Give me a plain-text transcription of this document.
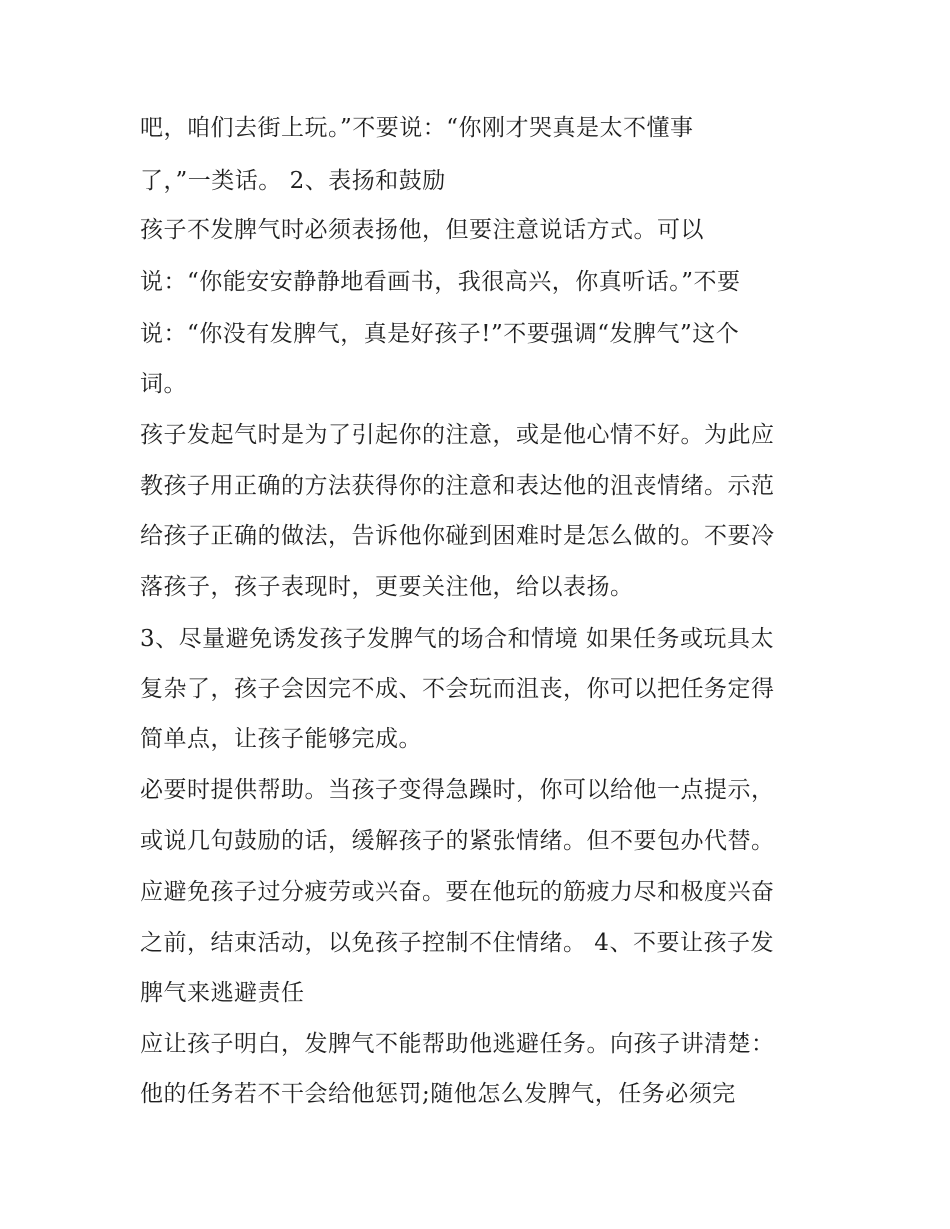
吧，咱们去街上玩。”不要说：“你刚才哭真是太不懂事
了，”一类话。 2、表扬和鼓励
孩子不发脾气时必须表扬他，但要注意说话方式。可以
说：“你能安安静静地看画书，我很高兴，你真听话。”不要
说：“你没有发脾气，真是好孩子!”不要强调“发脾气”这个
词。
孩子发起气时是为了引起你的注意，或是他心情不好。为此应
教孩子用正确的方法获得你的注意和表达他的沮丧情绪。示范
给孩子正确的做法，告诉他你碰到困难时是怎么做的。不要冷
落孩子，孩子表现时，更要关注他，给以表扬。
3、尽量避免诱发孩子发脾气的场合和情境 如果任务或玩具太
复杂了，孩子会因完不成、不会玩而沮丧，你可以把任务定得
简单点，让孩子能够完成。
必要时提供帮助。当孩子变得急躁时，你可以给他一点提示，
或说几句鼓励的话，缓解孩子的紧张情绪。但不要包办代替。
应避免孩子过分疲劳或兴奋。要在他玩的筋疲力尽和极度兴奋
之前，结束活动，以免孩子控制不住情绪。 4、不要让孩子发
脾气来逃避责任
应让孩子明白，发脾气不能帮助他逃避任务。向孩子讲清楚：
他的任务若不干会给他惩罚;随他怎么发脾气，任务必须完
